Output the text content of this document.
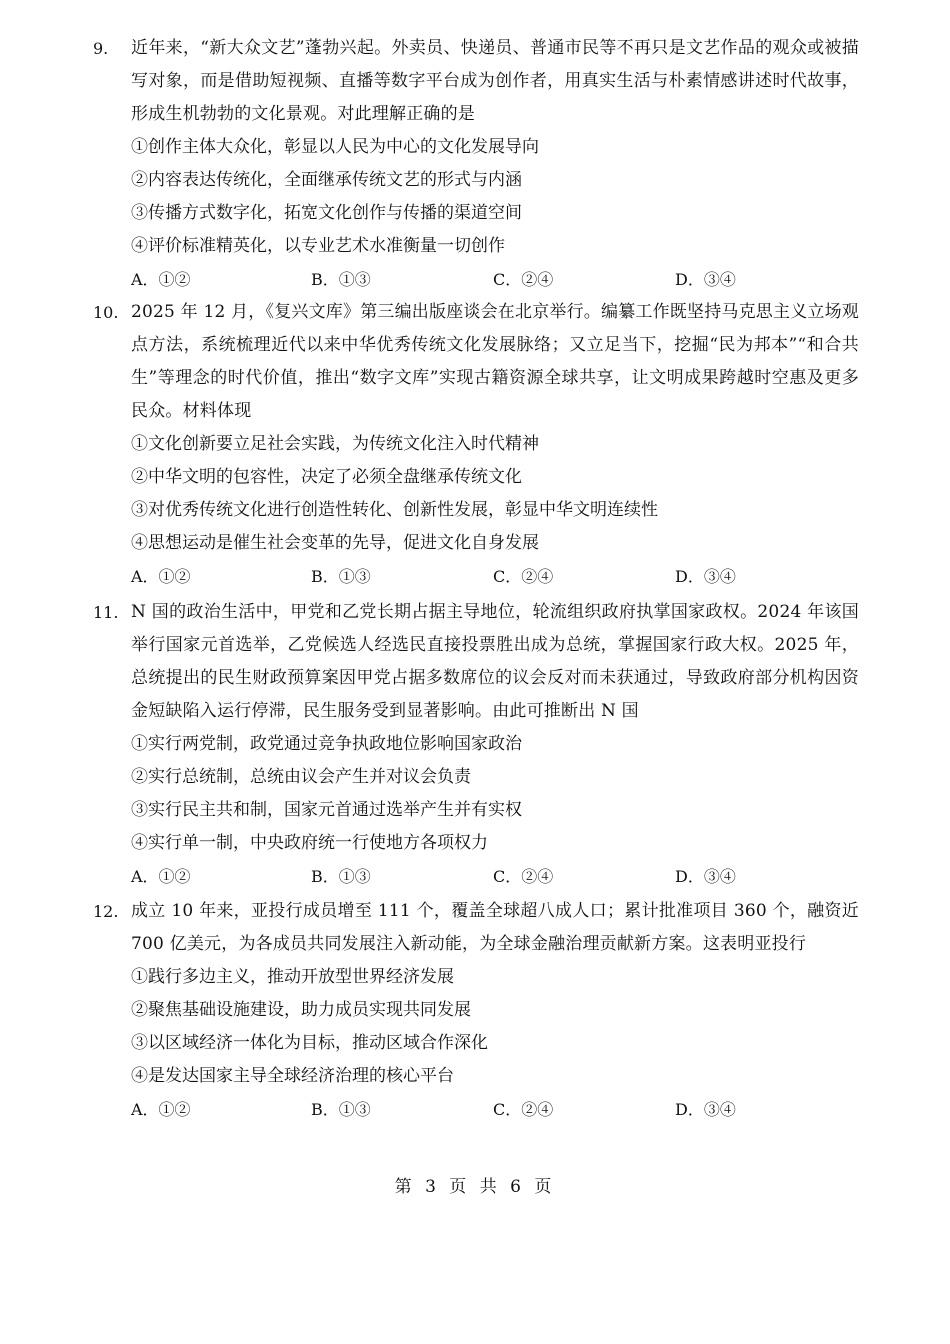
9. 近年来，“新大众文艺”蓬勃兴起。外卖员、快递员、普通市民等不再只是文艺作品的观众或被描写对象，而是借助短视频、直播等数字平台成为创作者，用真实生活与朴素情感讲述时代故事，形成生机勃勃的文化景观。对此理解正确的是
①创作主体大众化，彰显以人民为中心的文化发展导向
②内容表达传统化，全面继承传统文艺的形式与内涵
③传播方式数字化，拓宽文化创作与传播的渠道空间
④评价标准精英化，以专业艺术水准衡量一切创作
A．①②	B．①③	C．②④	D．③④
10. 2025 年 12 月，《复兴文库》第三编出版座谈会在北京举行。编纂工作既坚持马克思主义立场观点方法，系统梳理近代以来中华优秀传统文化发展脉络；又立足当下，挖掘“民为邦本”“和合共生”等理念的时代价值，推出“数字文库”实现古籍资源全球共享，让文明成果跨越时空惠及更多民众。材料体现
①文化创新要立足社会实践，为传统文化注入时代精神
②中华文明的包容性，决定了必须全盘继承传统文化
③对优秀传统文化进行创造性转化、创新性发展，彰显中华文明连续性
④思想运动是催生社会变革的先导，促进文化自身发展
A．①②	B．①③	C．②④	D．③④
11. N 国的政治生活中，甲党和乙党长期占据主导地位，轮流组织政府执掌国家政权。2024 年该国举行国家元首选举，乙党候选人经选民直接投票胜出成为总统，掌握国家行政大权。2025 年，总统提出的民生财政预算案因甲党占据多数席位的议会反对而未获通过，导致政府部分机构因资金短缺陷入运行停滞，民生服务受到显著影响。由此可推断出 N 国
①实行两党制，政党通过竞争执政地位影响国家政治
②实行总统制，总统由议会产生并对议会负责
③实行民主共和制，国家元首通过选举产生并有实权
④实行单一制，中央政府统一行使地方各项权力
A．①②	B．①③	C．②④	D．③④
12. 成立 10 年来，亚投行成员增至 111 个，覆盖全球超八成人口；累计批准项目 360 个，融资近 700 亿美元，为各成员共同发展注入新动能，为全球金融治理贡献新方案。这表明亚投行
①践行多边主义，推动开放型世界经济发展
②聚焦基础设施建设，助力成员实现共同发展
③以区域经济一体化为目标，推动区域合作深化
④是发达国家主导全球经济治理的核心平台
A．①②	B．①③	C．②④	D．③④
第 3 页 共 6 页
